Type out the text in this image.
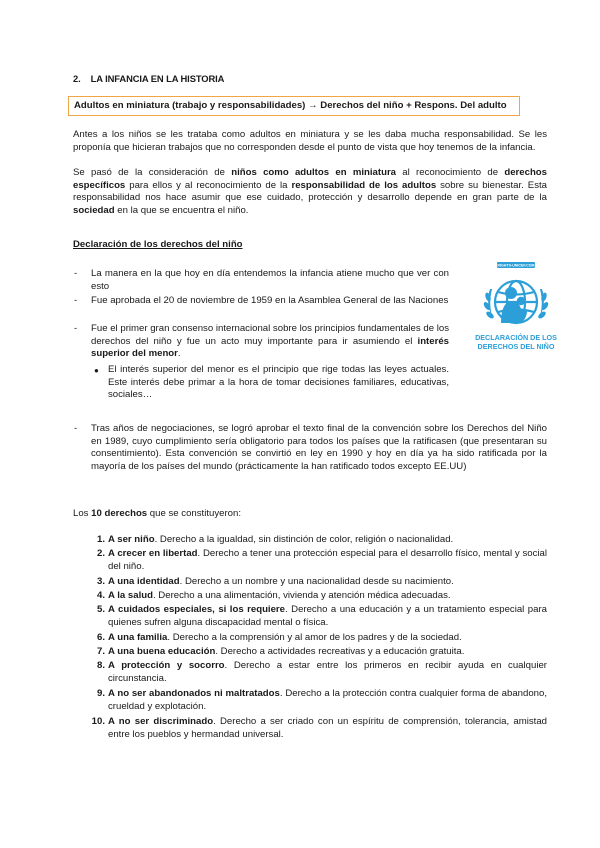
2. LA INFANCIA EN LA HISTORIA
Adultos en miniatura (trabajo y responsabilidades) → Derechos del niño + Respons. Del adulto
Antes a los niños se les trataba como adultos en miniatura y se les daba mucha responsabilidad. Se les proponía que hicieran trabajos que no corresponden desde el punto de vista que hoy tenemos de la infancia.
Se pasó de la consideración de niños como adultos en miniatura al reconocimiento de derechos específicos para ellos y al reconocimiento de la responsabilidad de los adultos sobre su bienestar. Esta responsabilidad nos hace asumir que ese cuidado, protección y desarrollo depende en gran parte de la sociedad en la que se encuentra el niño.
Declaración de los derechos del niño
- La manera en la que hoy en día entendemos la infancia atiene mucho que ver con esto
- Fue aprobada el 20 de noviembre de 1959 en la Asamblea General de las Naciones
- Fue el primer gran consenso internacional sobre los principios fundamentales de los derechos del niño y fue un acto muy importante para ir asumiendo el interés superior del menor.
● El interés superior del menor es el principio que rige todas las leyes actuales. Este interés debe primar a la hora de tomar decisiones familiares, educativas, sociales…
RIGHTS-UNICEF.COM
DECLARACIÓN DE LOS
DERECHOS DEL NIÑO
- Tras años de negociaciones, se logró aprobar el texto final de la convención sobre los Derechos del Niño en 1989, cuyo cumplimiento sería obligatorio para todos los países que la ratificasen (que presentaran su consentimiento). Esta convención se convirtió en ley en 1990 y hoy en día ya ha sido ratificada por la mayoría de los países del mundo (prácticamente la han ratificado todos excepto EE.UU)
Los 10 derechos que se constituyeron:
1. A ser niño. Derecho a la igualdad, sin distinción de color, religión o nacionalidad.
2. A crecer en libertad. Derecho a tener una protección especial para el desarrollo físico, mental y social del niño.
3. A una identidad. Derecho a un nombre y una nacionalidad desde su nacimiento.
4. A la salud. Derecho a una alimentación, vivienda y atención médica adecuadas.
5. A cuidados especiales, si los requiere. Derecho a una educación y a un tratamiento especial para quienes sufren alguna discapacidad mental o física.
6. A una familia. Derecho a la comprensión y al amor de los padres y de la sociedad.
7. A una buena educación. Derecho a actividades recreativas y a educación gratuita.
8. A protección y socorro. Derecho a estar entre los primeros en recibir ayuda en cualquier circunstancia.
9. A no ser abandonados ni maltratados. Derecho a la protección contra cualquier forma de abandono, crueldad y explotación.
10. A no ser discriminado. Derecho a ser criado con un espíritu de comprensión, tolerancia, amistad entre los pueblos y hermandad universal.
